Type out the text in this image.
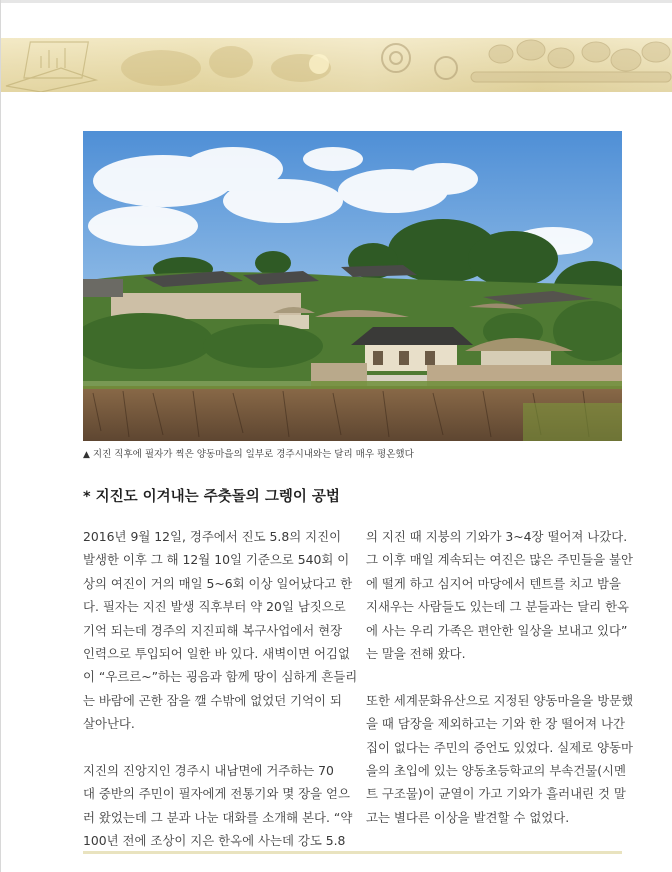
▲ 지진 직후에 필자가 찍은 양동마을의 일부로 경주시내와는 달리 매우 평온했다
* 지진도 이겨내는 주춧돌의 그렝이 공법

2016년 9월 12일, 경주에서 진도 5.8의 지진이
발생한 이후 그 해 12월 10일 기준으로 540회 이
상의 여진이 거의 매일 5~6회 이상 일어났다고 한
다. 필자는 지진 발생 직후부터 약 20일 남짓으로
기억 되는데 경주의 지진피해 복구사업에서 현장
인력으로 투입되어 일한 바 있다. 새벽이면 어김없
이 “우르르~”하는 굉음과 함께 땅이 심하게 흔들리
는 바람에 곤한 잠을 깰 수밖에 없었던 기억이 되
살아난다.

지진의 진앙지인 경주시 내남면에 거주하는 70
대 중반의 주민이 필자에게 전통기와 몇 장을 얻으
러 왔었는데 그 분과 나눈 대화를 소개해 본다. “약
100년 전에 조상이 지은 한옥에 사는데 강도 5.8

의 지진 때 지붕의 기와가 3~4장 떨어져 나갔다.
그 이후 매일 계속되는 여진은 많은 주민들을 불안
에 떨게 하고 심지어 마당에서 텐트를 치고 밤을
지새우는 사람들도 있는데 그 분들과는 달리 한옥
에 사는 우리 가족은 편안한 일상을 보내고 있다”
는 말을 전해 왔다.

또한 세계문화유산으로 지정된 양동마을을 방문했
을 때 담장을 제외하고는 기와 한 장 떨어져 나간
집이 없다는 주민의 증언도 있었다. 실제로 양동마
을의 초입에 있는 양동초등학교의 부속건물(시멘
트 구조물)이 균열이 가고 기와가 흘러내린 것 말
고는 별다른 이상을 발견할 수 없었다.
